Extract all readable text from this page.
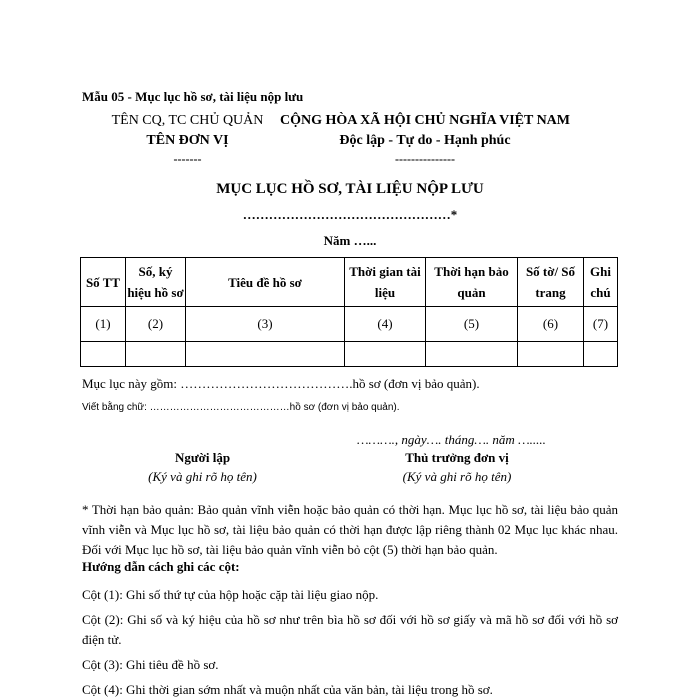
Mẫu 05 - Mục lục hồ sơ, tài liệu nộp lưu
TÊN CQ, TC CHỦ QUẢN
TÊN ĐƠN VỊ
-------
CỘNG HÒA XÃ HỘI CHỦ NGHĨA VIỆT NAM
Độc lập - Tự do - Hạnh phúc
---------------
MỤC LỤC HỒ SƠ, TÀI LIỆU NỘP LƯU
…………………………………………*
Năm …...
Số TT	Số, ký hiệu hồ sơ	Tiêu đề hồ sơ	Thời gian tài liệu	Thời hạn bảo quản	Số tờ/ Số trang	Ghi chú
(1)	(2)	(3)	(4)	(5)	(6)	(7)

Mục lục này gồm: ………………………………….hồ sơ (đơn vị bảo quản).
Viết bằng chữ: ……………………………………hồ sơ (đơn vị bảo quản).
………., ngày…. tháng…. năm ….....
Người lập
(Ký và ghi rõ họ tên)
Thủ trưởng đơn vị
(Ký và ghi rõ họ tên)
* Thời hạn bảo quản: Bảo quản vĩnh viễn hoặc bảo quản có thời hạn. Mục lục hồ sơ, tài liệu bảo quản vĩnh viễn và Mục lục hồ sơ, tài liệu bảo quản có thời hạn được lập riêng thành 02 Mục lục khác nhau. Đối với Mục lục hồ sơ, tài liệu bảo quản vĩnh viễn bỏ cột (5) thời hạn bảo quản.
Hướng dẫn cách ghi các cột:
Cột (1): Ghi số thứ tự của hộp hoặc cặp tài liệu giao nộp.
Cột (2): Ghi số và ký hiệu của hồ sơ như trên bìa hồ sơ đối với hồ sơ giấy và mã hồ sơ đối với hồ sơ điện tử.
Cột (3): Ghi tiêu đề hồ sơ.
Cột (4): Ghi thời gian sớm nhất và muộn nhất của văn bản, tài liệu trong hồ sơ.
